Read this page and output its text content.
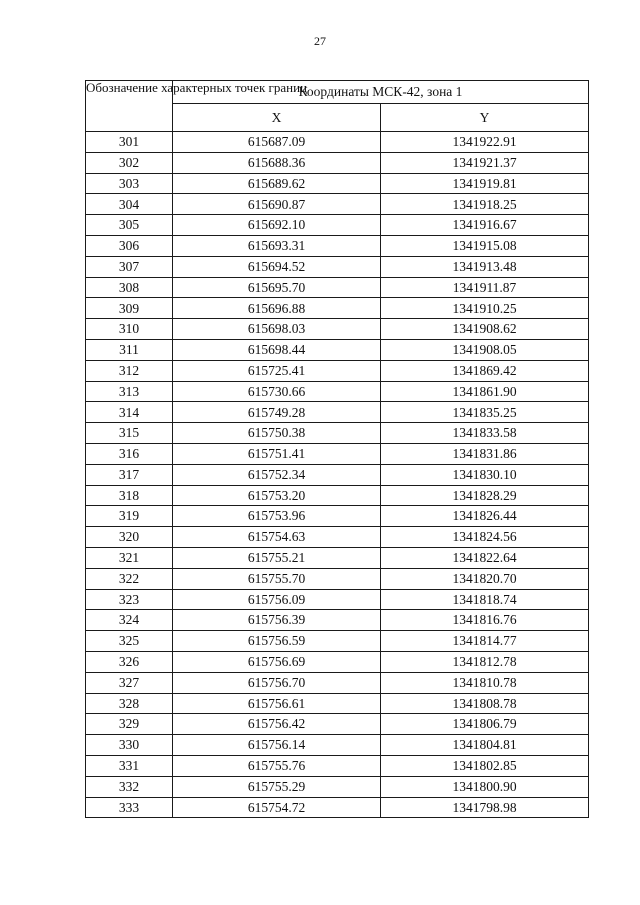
27
Обозначение характерных точек границ	Координаты МСК-42, зона 1	
	X	Y
301	615687.09	1341922.91
302	615688.36	1341921.37
303	615689.62	1341919.81
304	615690.87	1341918.25
305	615692.10	1341916.67
306	615693.31	1341915.08
307	615694.52	1341913.48
308	615695.70	1341911.87
309	615696.88	1341910.25
310	615698.03	1341908.62
311	615698.44	1341908.05
312	615725.41	1341869.42
313	615730.66	1341861.90
314	615749.28	1341835.25
315	615750.38	1341833.58
316	615751.41	1341831.86
317	615752.34	1341830.10
318	615753.20	1341828.29
319	615753.96	1341826.44
320	615754.63	1341824.56
321	615755.21	1341822.64
322	615755.70	1341820.70
323	615756.09	1341818.74
324	615756.39	1341816.76
325	615756.59	1341814.77
326	615756.69	1341812.78
327	615756.70	1341810.78
328	615756.61	1341808.78
329	615756.42	1341806.79
330	615756.14	1341804.81
331	615755.76	1341802.85
332	615755.29	1341800.90
333	615754.72	1341798.98
